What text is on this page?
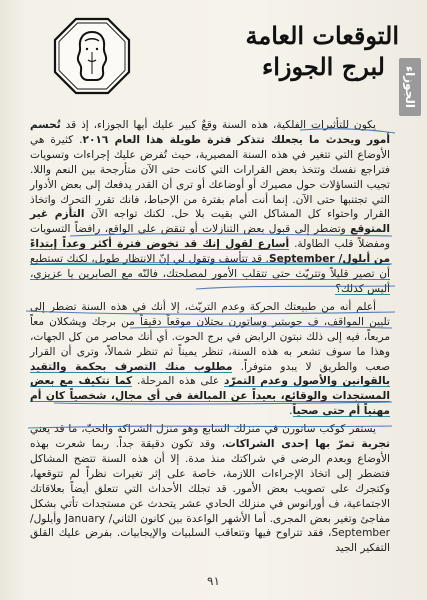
التوقعات العامة
لبرج الجوزاء	الجوزاء

يكون للتأثيرات الفلكية، هذه السنة وقعٌ كبير عليك أيها الجوزاء، إذ قد تُحسم أمور ويحدث ما يجعلك تتذكر فترة طويلة هذا العام ٢٠١٦. كثيرة هي الأوضاع التي تتغير في هذه السنة المصيرية، حيث تُفرض عليك إجراءات وتسويات فتراجع نفسك وتتخذ بعض القرارات التي كانت حتى الآن متأرجحة بين النعم واللا. تجيب التساؤلات حول مصيرك أو أوضاعك أو ترى أن القدر يدفعك إلى بعض الأدوار التي تجتنبها حتى الآن. إنما أنت أمام بفترة من الإحباط، فانك تقرر التحرك واتخاذ القرار واحتواء كل المشاكل التي بقيت بلا حل. لكنك تواجه الآن التأزم غير المتوقع وتضطر إلى قبول بعض التنازلات أو تنقض على الواقع، رافضاً التسويات ومفضلاً قلب الطاولة. أسارع لقول إنك قد تخوض فترة أكثر وعداً إبتداءً من أيلول/ September. قد تتأسف وتقول لي إنّ الانتظار طويل، لكنك تستطيع أن تصير قليلاً وتتريّث حتى تتقلب الأمور لمصلحتك، فالنّه مع الصابرين يا عزيزي، أليس كذلك؟

أعلم أنه من طبيعتك الحركة وعدم التريّث، إلا أنك في هذه السنة تضطر إلى تليين المواقف، ف جوبيتير وساتورن يحتلان موقعاً دقيقاً من برجك ويشكلان معاً مربعاً، فيه إلى ذلك نبتون الرابض في برج الحوت. أي أنك محاصر من كل الجهات، وهذا ما سوف تشعر به هذه السنة، تنظر يميناً ثم تنظر شمالاً، وترى أن القرار صعب والطريق لا يبدو متوفراً. مطلوب منك التصرف بحكمة والتقيد بالقوانين والأصول وعدم التمرّد على هذه المرحلة. كما تتكيف مع بعض المستجدات والوقائع، بعيداً عن المبالغة في أي مجال، شخصياً كان أم مهنياً أم حتى صحياً.

يستقر كوكب ساتورن في منزلك السابع وهو منزل الشراكة والحبّ، ما قد يعني تجربة تمرّ بها إحدى الشراكات، وقد تكون دقيقة جداً. ربما شعرت بهذه الأوضاع وبعدم الرضى في شراكتك منذ مدة. إلا أن هذه السنة تتضح المشاكل فتضطر إلى اتخاذ الإجراءات اللازمة، خاصة على إثر تغيرات نظراً لم تتوقعها، وكتجرك على تصويب بعض الأمور. قد تجلك الأحداث التي تتعلق أيضاً بعلاقاتك الاجتماعية، ف أورانوس في منزلك الحادي عشر يتحدث عن مستجدات تأتي بشكل مفاجئ وتغير بعض المجرى. أما الأشهر الواعدة بين كانون الثاني/ January وأيلول/ September، فقد تتراوح فيها وتتعاقب السلبيات والإيجابيات. بفرض عليك القلق التفكير الجيد

٩١
